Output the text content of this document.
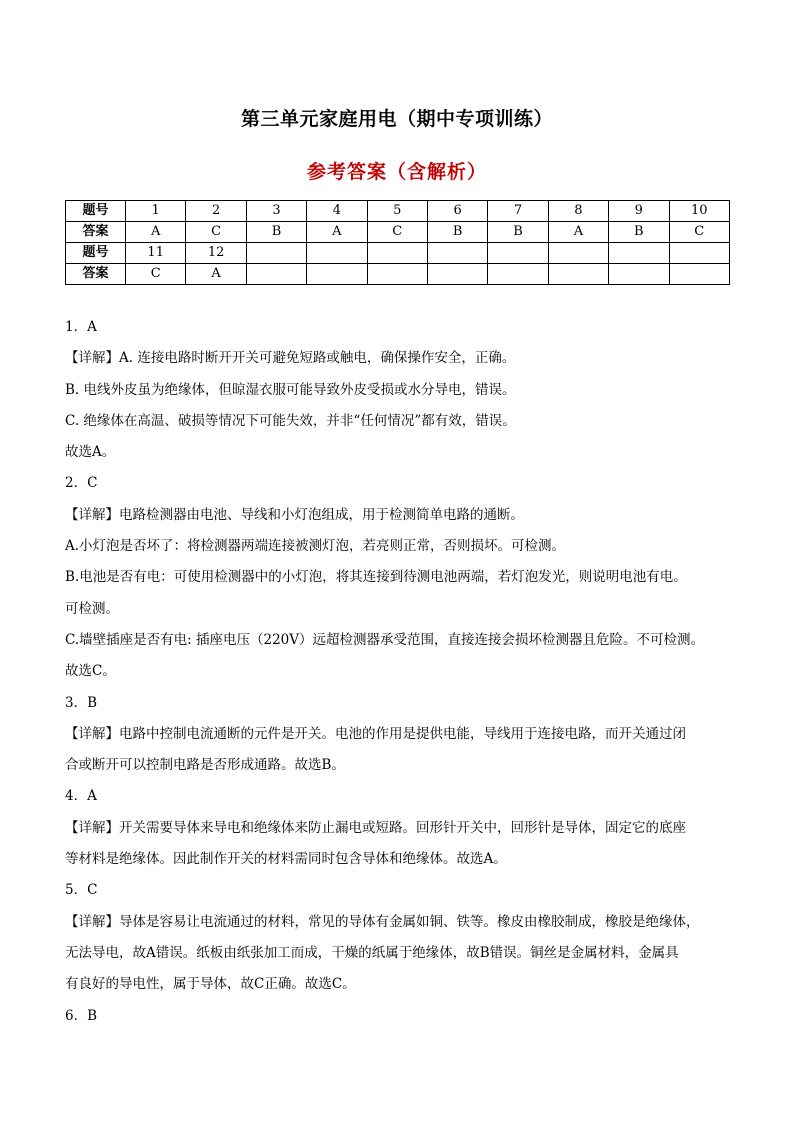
第三单元家庭用电（期中专项训练）
参考答案（含解析）
题号	1	2	3	4	5	6	7	8	9	10
答案	A	C	B	A	C	B	B	A	B	C
题号	11	12								
答案	C	A								

1．A

【详解】A. 连接电路时断开开关可避免短路或触电，确保操作安全，正确。

B. 电线外皮虽为绝缘体，但晾湿衣服可能导致外皮受损或水分导电，错误。

C. 绝缘体在高温、破损等情况下可能失效，并非“任何情况”都有效，错误。

故选A。

2．C

【详解】电路检测器由电池、导线和小灯泡组成，用于检测简单电路的通断。

A.小灯泡是否坏了：将检测器两端连接被测灯泡，若亮则正常，否则损坏。可检测。

B.电池是否有电：可使用检测器中的小灯泡，将其连接到待测电池两端，若灯泡发光，则说明电池有电。

可检测。

C.墙壁插座是否有电: 插座电压（220V）远超检测器承受范围，直接连接会损坏检测器且危险。不可检测。

故选C。

3．B

【详解】电路中控制电流通断的元件是开关。电池的作用是提供电能，导线用于连接电路，而开关通过闭

合或断开可以控制电路是否形成通路。故选B。

4．A

【详解】开关需要导体来导电和绝缘体来防止漏电或短路。回形针开关中，回形针是导体，固定它的底座

等材料是绝缘体。因此制作开关的材料需同时包含导体和绝缘体。故选A。

5．C

【详解】导体是容易让电流通过的材料，常见的导体有金属如铜、铁等。橡皮由橡胶制成，橡胶是绝缘体，

无法导电，故A错误。纸板由纸张加工而成，干燥的纸属于绝缘体，故B错误。铜丝是金属材料，金属具

有良好的导电性，属于导体，故C正确。故选C。

6．B
